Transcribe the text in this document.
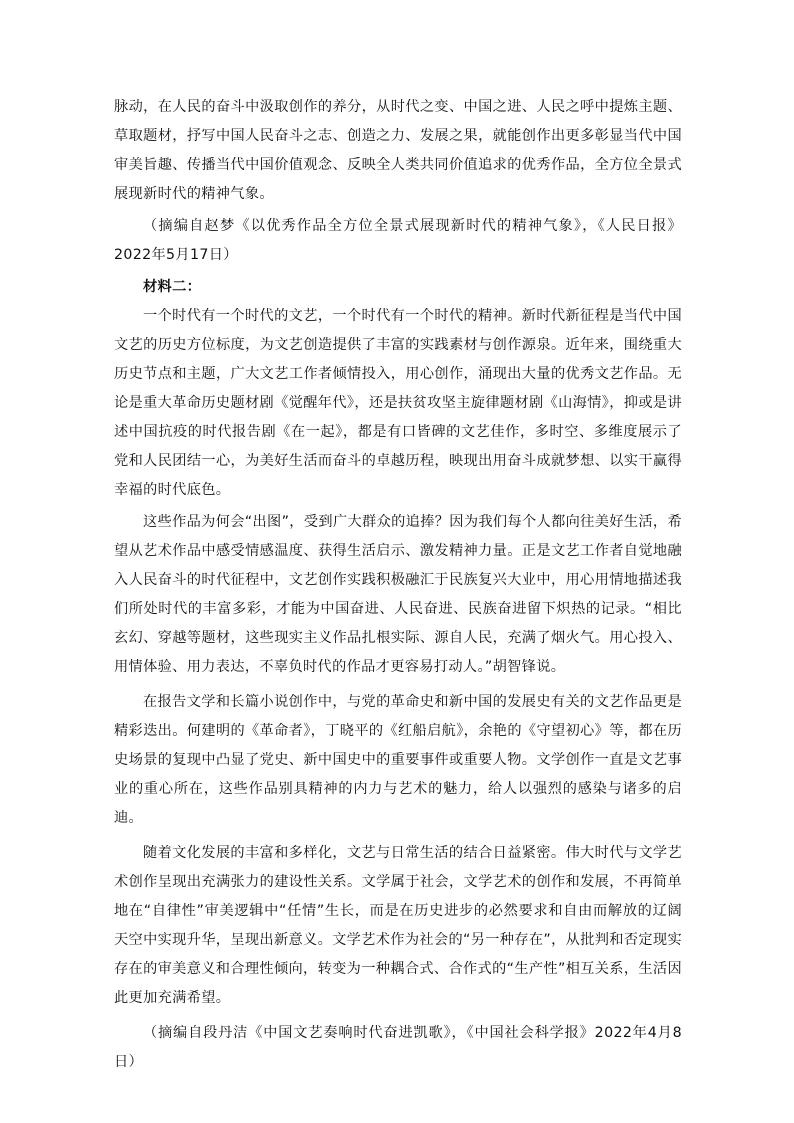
脉动，在人民的奋斗中汲取创作的养分，从时代之变、中国之进、人民之呼中提炼主题、草取题材，抒写中国人民奋斗之志、创造之力、发展之果，就能创作出更多彰显当代中国审美旨趣、传播当代中国价值观念、反映全人类共同价值追求的优秀作品，全方位全景式展现新时代的精神气象。

（摘编自赵梦《以优秀作品全方位全景式展现新时代的精神气象》，《人民日报》2022年5月17日）

材料二：

一个时代有一个时代的文艺，一个时代有一个时代的精神。新时代新征程是当代中国文艺的历史方位标度，为文艺创造提供了丰富的实践素材与创作源泉。近年来，围绕重大历史节点和主题，广大文艺工作者倾情投入，用心创作，涌现出大量的优秀文艺作品。无论是重大革命历史题材剧《觉醒年代》，还是扶贫攻坚主旋律题材剧《山海情》，抑或是讲述中国抗疫的时代报告剧《在一起》，都是有口皆碑的文艺佳作，多时空、多维度展示了党和人民团结一心，为美好生活而奋斗的卓越历程，映现出用奋斗成就梦想、以实干赢得幸福的时代底色。

这些作品为何会“出图”，受到广大群众的追捧？因为我们每个人都向往美好生活，希望从艺术作品中感受情感温度、获得生活启示、激发精神力量。正是文艺工作者自觉地融入人民奋斗的时代征程中，文艺创作实践积极融汇于民族复兴大业中，用心用情地描述我们所处时代的丰富多彩，才能为中国奋进、人民奋进、民族奋进留下炽热的记录。“相比玄幻、穿越等题材，这些现实主义作品扎根实际、源自人民，充满了烟火气。用心投入、用情体验、用力表达，不辜负时代的作品才更容易打动人。”胡智锋说。

在报告文学和长篇小说创作中，与党的革命史和新中国的发展史有关的文艺作品更是精彩迭出。何建明的《革命者》，丁晓平的《红船启航》，余艳的《守望初心》等，都在历史场景的复现中凸显了党史、新中国史中的重要事件或重要人物。文学创作一直是文艺事业的重心所在，这些作品别具精神的内力与艺术的魅力，给人以强烈的感染与诸多的启迪。

随着文化发展的丰富和多样化，文艺与日常生活的结合日益紧密。伟大时代与文学艺术创作呈现出充满张力的建设性关系。文学属于社会，文学艺术的创作和发展，不再简单地在“自律性”审美逻辑中“任情”生长，而是在历史进步的必然要求和自由而解放的辽阔天空中实现升华，呈现出新意义。文学艺术作为社会的“另一种存在”，从批判和否定现实存在的审美意义和合理性倾向，转变为一种耦合式、合作式的“生产性”相互关系，生活因此更加充满希望。

（摘编自段丹洁《中国文艺奏响时代奋进凯歌》，《中国社会科学报》2022年4月8日）
